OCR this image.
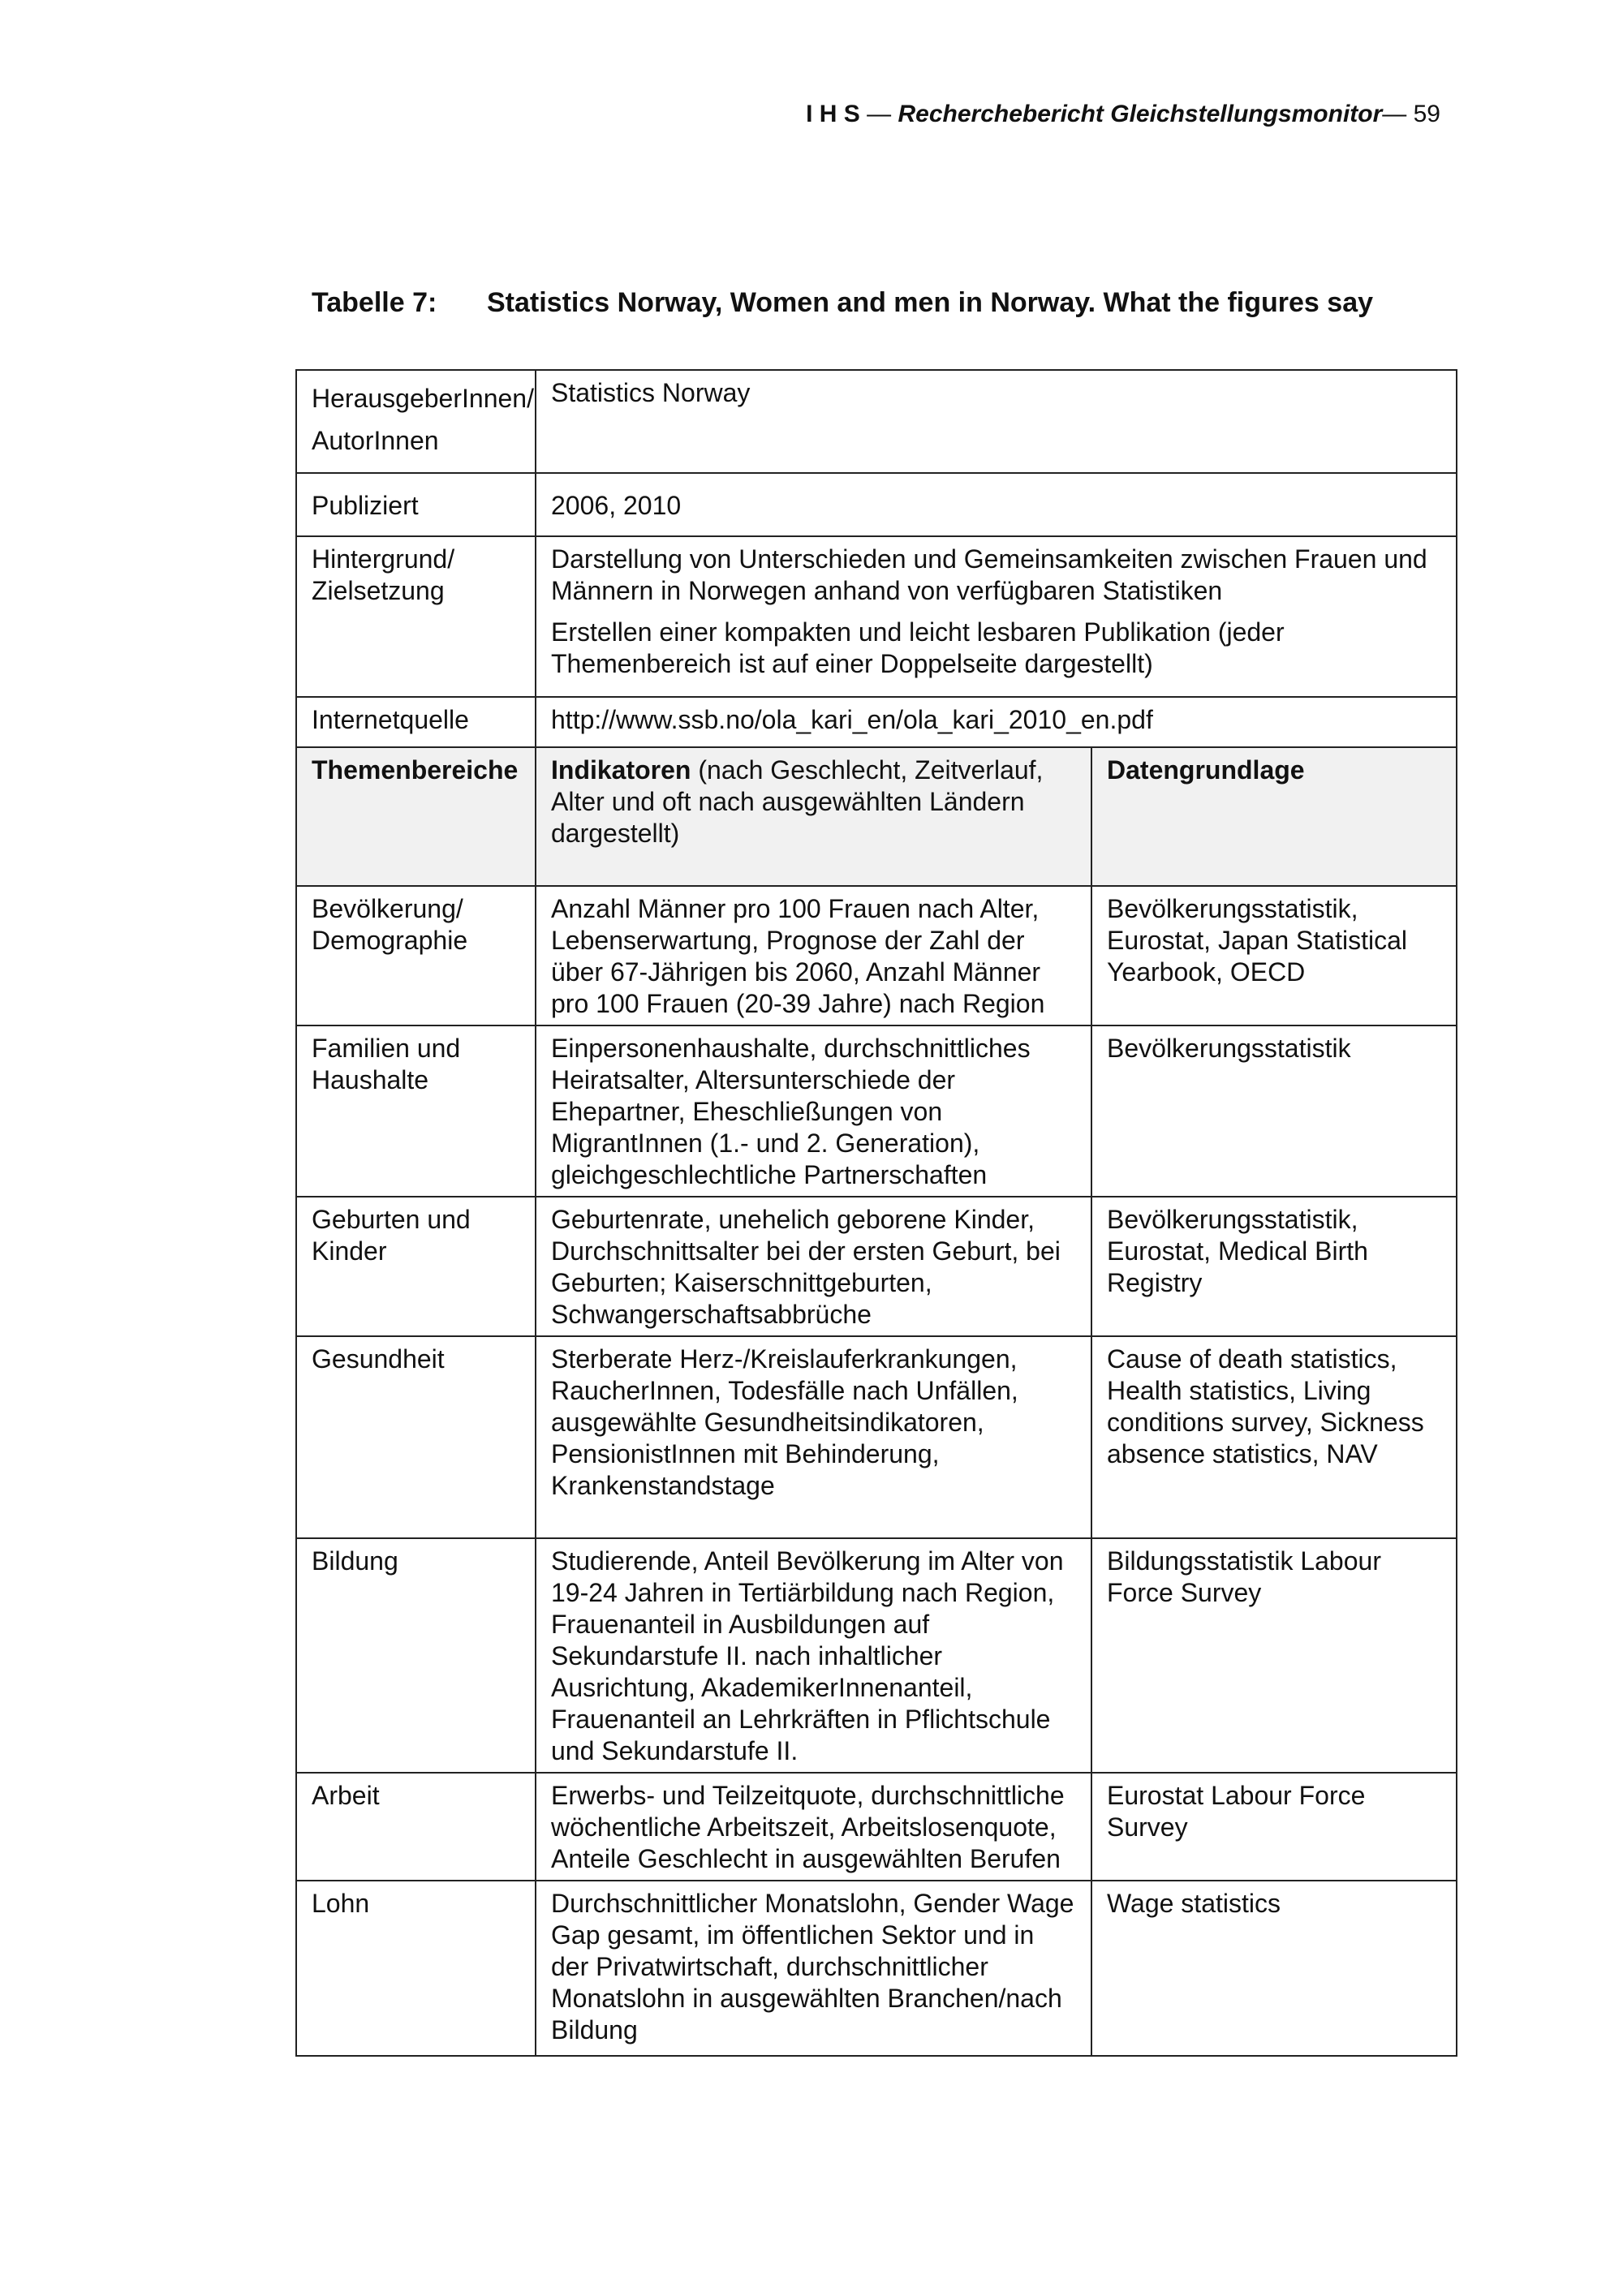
I H S — Recherchebericht Gleichstellungsmonitor— 59
Tabelle 7: Statistics Norway, Women and men in Norway. What the figures say
HerausgeberInnen/ AutorInnen	Statistics Norway	
Publiziert	2006, 2010	
Hintergrund/ Zielsetzung	Darstellung von Unterschieden und Gemeinsamkeiten zwischen Frauen und Männern in Norwegen anhand von verfügbaren Statistiken

Erstellen einer kompakten und leicht lesbaren Publikation (jeder Themenbereich ist auf einer Doppelseite dargestellt)	

Internetquelle	http://www.ssb.no/ola_kari_en/ola_kari_2010_en.pdf	
Themenbereiche	Indikatoren (nach Geschlecht, Zeitverlauf, Alter und oft nach ausgewählten Ländern dargestellt)	Datengrundlage
Bevölkerung/ Demographie	Anzahl Männer pro 100 Frauen nach Alter, Lebenserwartung, Prognose der Zahl der über 67-Jährigen bis 2060, Anzahl Männer pro 100 Frauen (20-39 Jahre) nach Region	Bevölkerungsstatistik, Eurostat, Japan Statistical Yearbook, OECD
Familien und Haushalte	Einpersonenhaushalte, durchschnittliches Heiratsalter, Altersunterschiede der Ehepartner, Eheschließungen von MigrantInnen (1.- und 2. Generation), gleichgeschlechtliche Partnerschaften	Bevölkerungsstatistik
Geburten und Kinder	Geburtenrate, unehelich geborene Kinder, Durchschnittsalter bei der ersten Geburt, bei Geburten; Kaiserschnittgeburten, Schwangerschaftsabbrüche	Bevölkerungsstatistik, Eurostat, Medical Birth Registry
Gesundheit	Sterberate Herz-/Kreislauferkrankungen, RaucherInnen, Todesfälle nach Unfällen, ausgewählte Gesundheitsindikatoren, PensionistInnen mit Behinderung, Krankenstandstage	Cause of death statistics, Health statistics, Living conditions survey, Sickness absence statistics, NAV
Bildung	Studierende, Anteil Bevölkerung im Alter von 19-24 Jahren in Tertiärbildung nach Region, Frauenanteil in Ausbildungen auf Sekundarstufe II. nach inhaltlicher Ausrichtung, AkademikerInnenanteil, Frauenanteil an Lehrkräften in Pflichtschule und Sekundarstufe II.	Bildungsstatistik Labour Force Survey
Arbeit	Erwerbs- und Teilzeitquote, durchschnittliche wöchentliche Arbeitszeit, Arbeitslosenquote, Anteile Geschlecht in ausgewählten Berufen	Eurostat Labour Force Survey
Lohn	Durchschnittlicher Monatslohn, Gender Wage Gap gesamt, im öffentlichen Sektor und in der Privatwirtschaft, durchschnittlicher Monatslohn in ausgewählten Branchen/nach Bildung	Wage statistics
